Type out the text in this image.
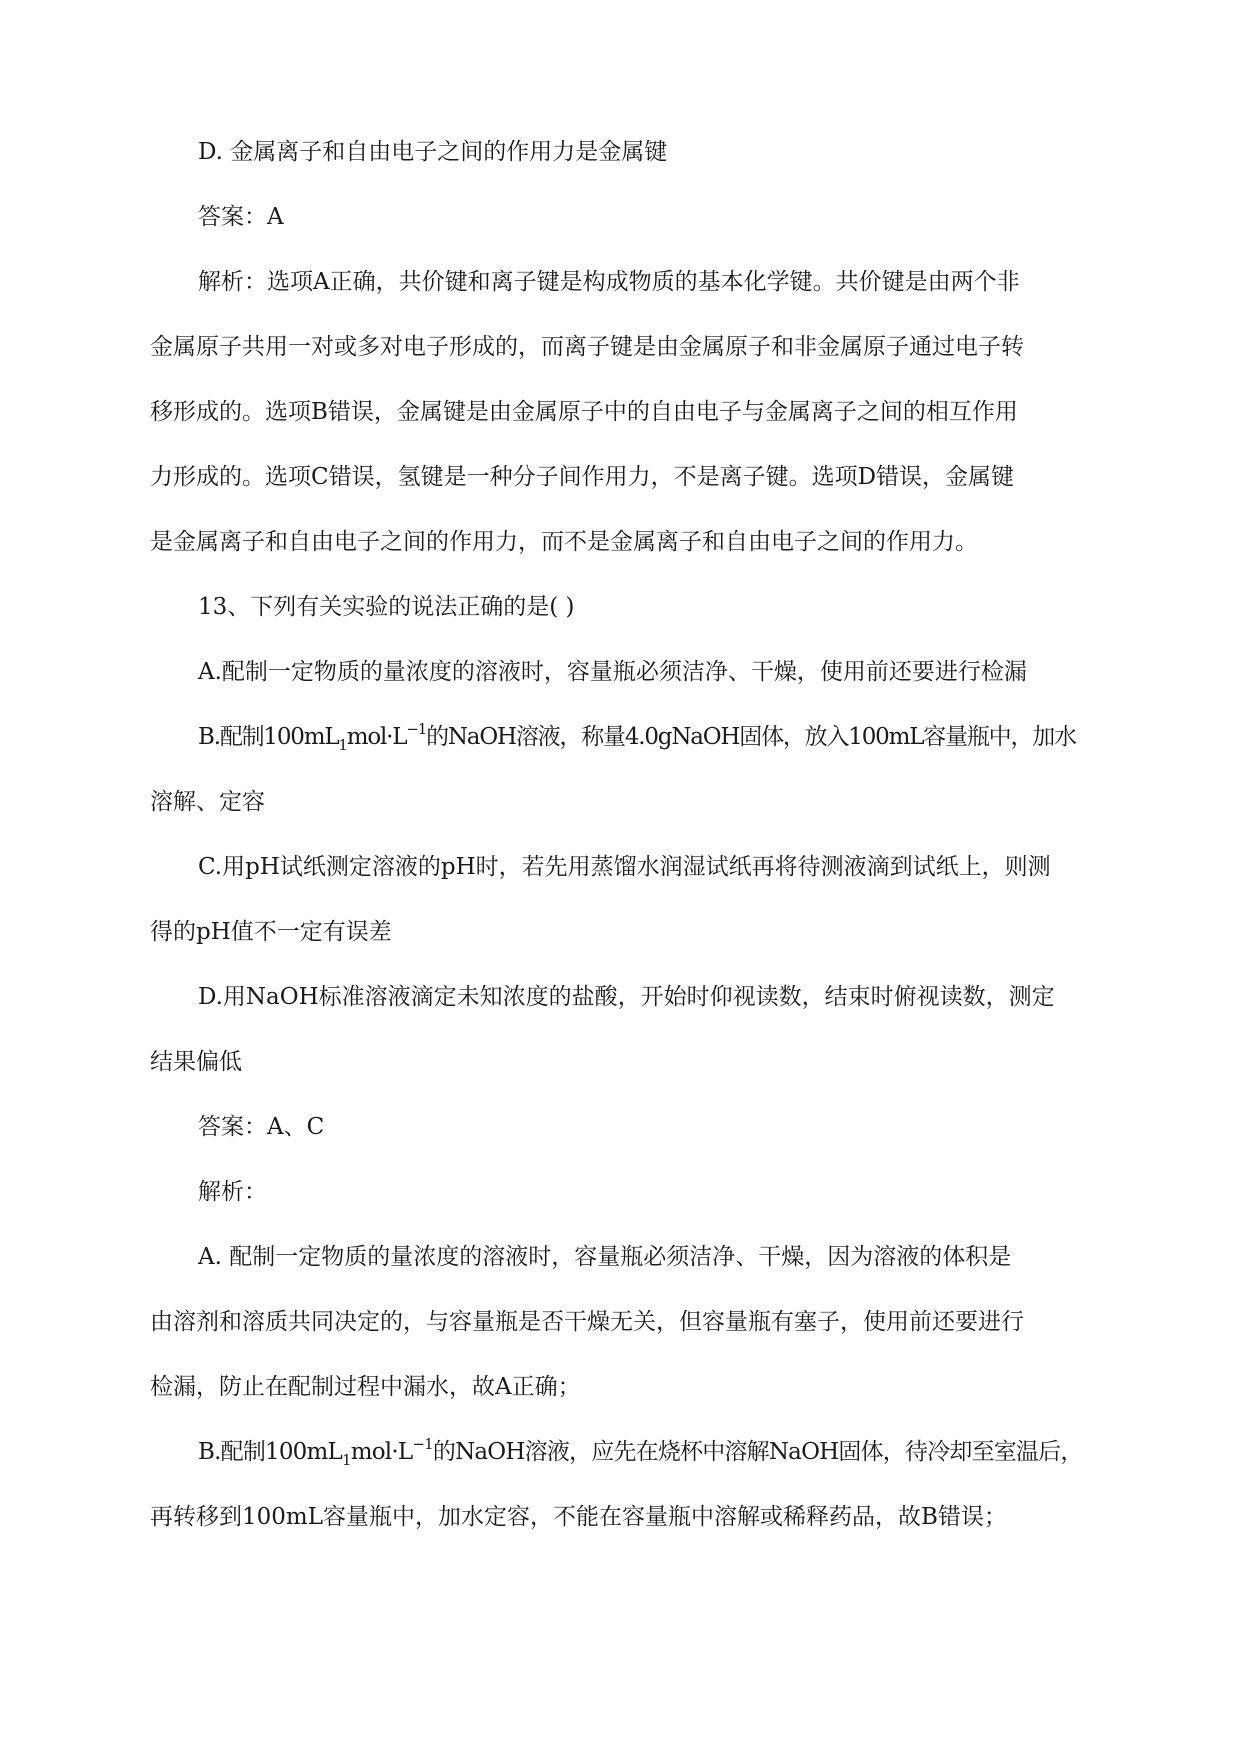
D. 金属离子和自由电子之间的作用力是金属键

答案：A

解析：选项A正确，共价键和离子键是构成物质的基本化学键。共价键是由两个非
金属原子共用一对或多对电子形成的，而离子键是由金属原子和非金属原子通过电子转
移形成的。选项B错误，金属键是由金属原子中的自由电子与金属离子之间的相互作用
力形成的。选项C错误，氢键是一种分子间作用力，不是离子键。选项D错误，金属键
是金属离子和自由电子之间的作用力，而不是金属离子和自由电子之间的作用力。

13、下列有关实验的说法正确的是( )

A.配制一定物质的量浓度的溶液时，容量瓶必须洁净、干燥，使用前还要进行检漏

B.配制$100mL_1mol\cdot L^{-1}$的NaOH溶液，称量4.0gNaOH固体，放入100mL容量瓶中，加水
溶解、定容

C.用pH试纸测定溶液的pH时，若先用蒸馏水润湿试纸再将待测液滴到试纸上，则测
得的pH值不一定有误差

D.用NaOH标准溶液滴定未知浓度的盐酸，开始时仰视读数，结束时俯视读数，测定
结果偏低

答案：A、C

解析：

A. 配制一定物质的量浓度的溶液时，容量瓶必须洁净、干燥，因为溶液的体积是
由溶剂和溶质共同决定的，与容量瓶是否干燥无关，但容量瓶有塞子，使用前还要进行
检漏，防止在配制过程中漏水，故A正确；

B.配制$100mL_1mol\cdot L^{-1}$的NaOH溶液，应先在烧杯中溶解NaOH固体，待冷却至室温后，
再转移到100mL容量瓶中，加水定容，不能在容量瓶中溶解或稀释药品，故B错误；
